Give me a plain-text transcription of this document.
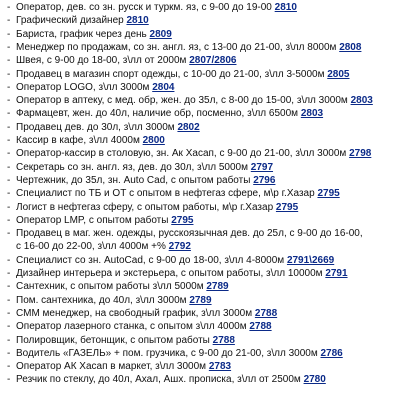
- Оператор, дев. со зн. русск и туркм. яз, с 9-00 до 19-00 2810
- Графический дизайнер 2810
- Бариста, график через день 2809
- Менеджер по продажам, со зн. англ. яз, с 13-00 до 21-00, з\лл 8000м 2808
- Швея, с 9-00 до 18-00, з\лл от 2000м 2807/2806
- Продавец в магазин спорт одежды, с 10-00 до 21-00, з\лл 3-5000м 2805
- Оператор LOGO, з\лл 3000м 2804
- Оператор в аптеку, с мед. обр, жен. до 35л, с 8-00 до 15-00, з\лл 3000м 2803
- Фармацевт, жен. до 40л, наличие обр, посменно, з\лл 6500м 2803
- Продавец дев. до 30л, з\лл 3000м 2802
- Кассир в кафе, з\лл 4000м 2800
- Оператор-кассир в столовую, зн. Ак Хасап, с 9-00 до 21-00, з\лл 3000м 2798
- Секретарь со зн. англ. яз, дев. до 30л, з\лл 5000м 2797
- Чертежник, до 35л, зн. Auto Cad, с опытом работы 2796
- Специалист по ТБ и ОТ с опытом в нефтегаз сфере, м\р г.Хазар 2795
- Логист в нефтегаз сферу, с опытом работы, м\р г.Хазар 2795
- Оператор LMP, с опытом работы 2795
- Продавец в маг. жен. одежды, русскоязычная дев. до 25л, с 9-00 до 16-00,
с 16-00 до 22-00, з\лл 4000м +% 2792
- Специалист со зн. AutoCad, с 9-00 до 18-00, з\лл 4-8000м 2791\2669
- Дизайнер интерьера и экстерьера, с опытом работы, з\лл 10000м 2791
- Сантехник, с опытом работы з\лл 5000м 2789
- Пом. сантехника, до 40л, з\лл 3000м 2789
- СММ менеджер, на свободный график, з\лл 3000м 2788
- Оператор лазерного станка, с опытом з\лл 4000м 2788
- Полировщик, бетонщик, с опытом работы 2788
- Водитель «ГАЗЕЛЬ» + пом. грузчика, с 9-00 до 21-00, з\лл 3000м 2786
- Оператор АК Хасап в маркет, з\лл 3000м 2783
- Резчик по стеклу, до 40л, Ахал, Ашх. прописка, з\лл от 2500м 2780
